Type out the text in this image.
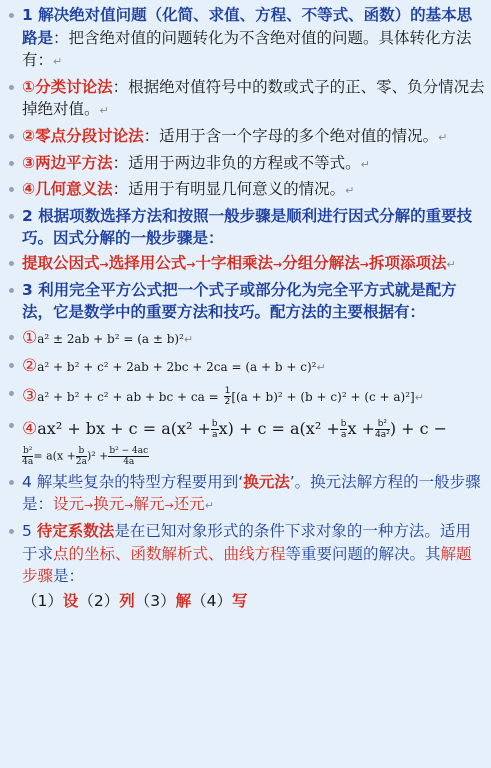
1 解决绝对值问题（化简、求值、方程、不等式、函数）的基本思路是：把含绝对值的问题转化为不含绝对值的问题。具体转化方法有：↵
①分类讨论法：根据绝对值符号中的数或式子的正、零、负分情况去掉绝对值。↵
②零点分段讨论法：适用于含一个字母的多个绝对值的情况。↵
③两边平方法：适用于两边非负的方程或不等式。↵
④几何意义法：适用于有明显几何意义的情况。↵
2 根据项数选择方法和按照一般步骤是顺利进行因式分解的重要技巧。因式分解的一般步骤是：
提取公因式→选择用公式→十字相乘法→分组分解法→拆项添项法↵
3 利用完全平方公式把一个式子或部分化为完全平方式就是配方法，它是数学中的重要方法和技巧。配方法的主要根据有：
①a² ± 2ab + b² = (a ± b)²↵
②a² + b² + c² + 2ab + 2bc + 2ca = (a + b + c)²↵
③a² + b² + c² + ab + bc + ca = $\frac{1}{2} [(a + b)^2 + (b + c)^2 + (c$ + a)²]↵
④ax² + bx + $c = a(x^2 + \frac{b}{a} x) + c = a(x^2 + \frac{b}{a}$ $x + \frac{\text{b²}}{\text{4a²}}$ ) + c −
$\frac{\text{b²}}{4a} = a(x + \frac{b}{2a} )^2 + \frac{\text{b² − 4ac}}{4a}$
4 解某些复杂的特型方程要用到‘换元法’。换元法解方程的一般步骤是：设元→换元→解元→还元↵
5 待定系数法是在已知对象形式的条件下求对象的一种方法。适用于求点的坐标、函数解析式、曲线方程等重要问题的解决。其解题步骤是：
（1）设（2）列（3）解（4）写
